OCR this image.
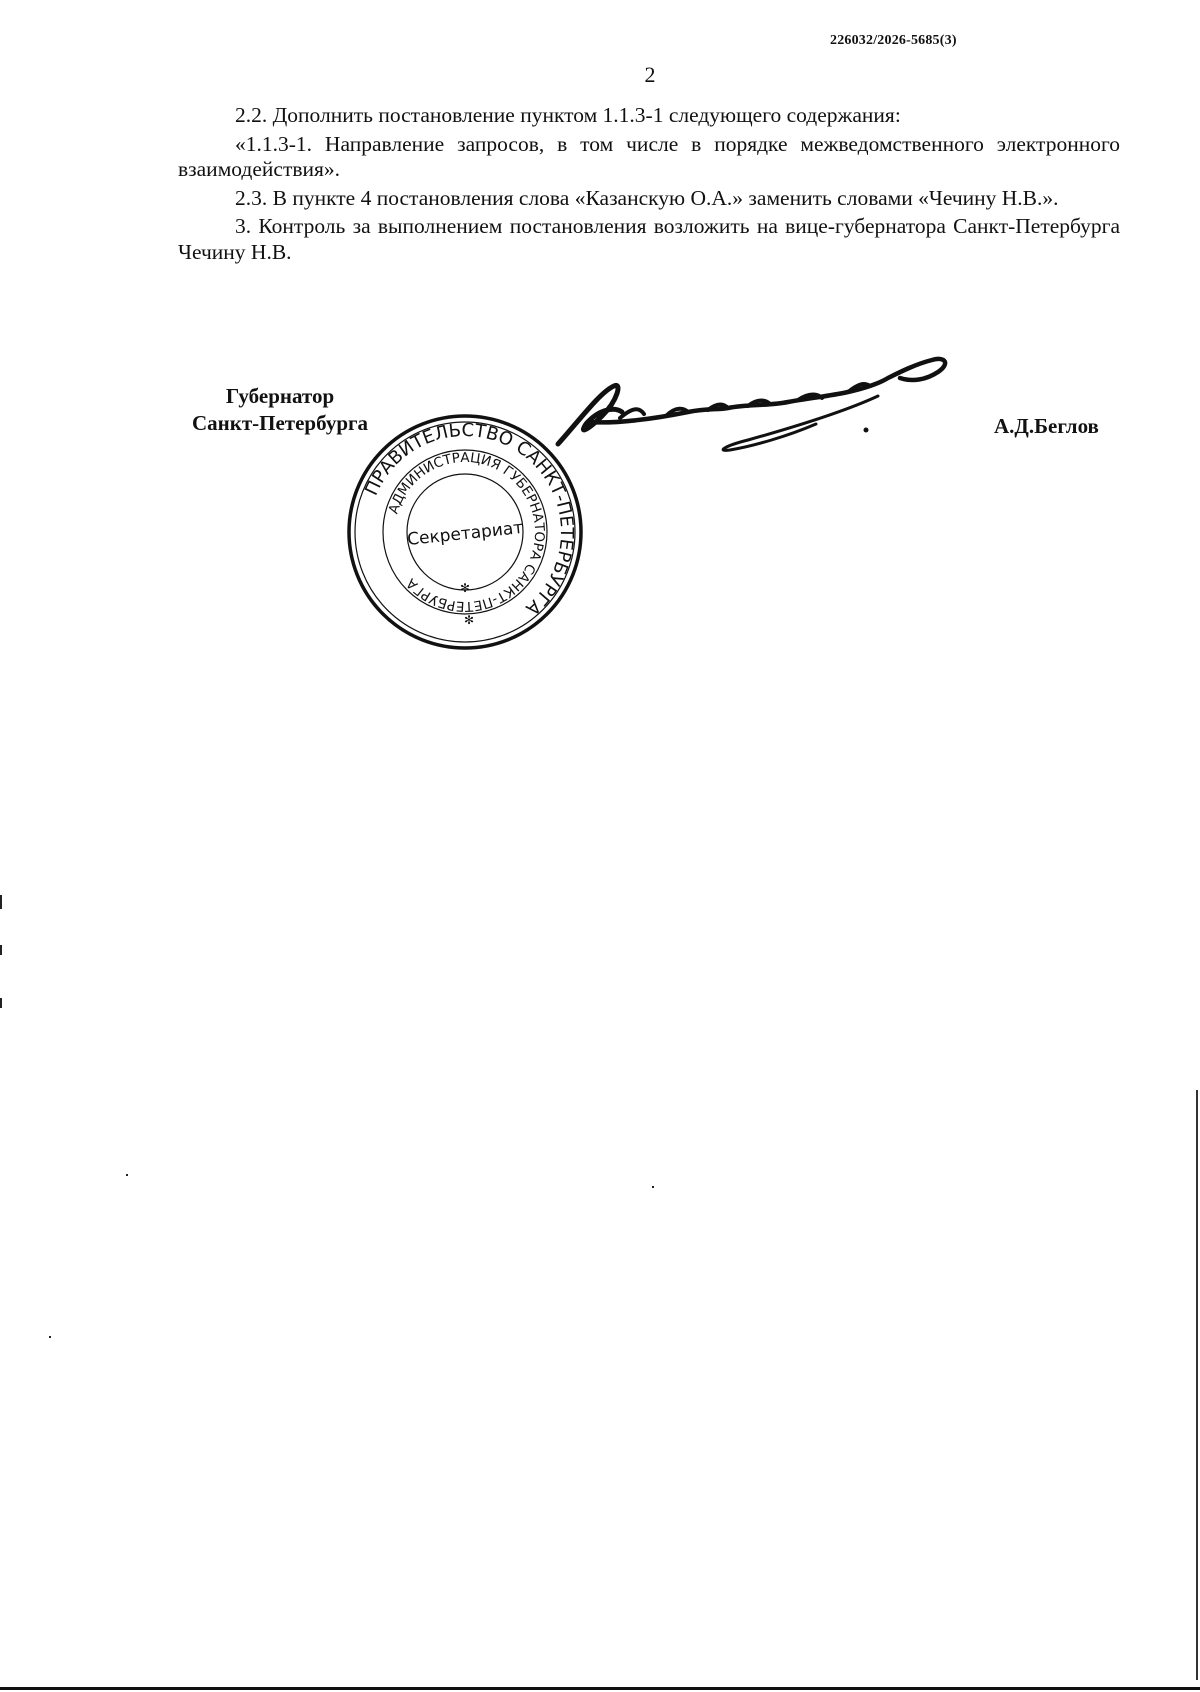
226032/2026-5685(3)
2

2.2. Дополнить постановление пунктом 1.1.3-1 следующего содержания:

«1.1.3-1. Направление запросов, в том числе в порядке межведомственного электронного взаимодействия».

2.3. В пункте 4 постановления слова «Казанскую О.А.» заменить словами «Чечину Н.В.».

3. Контроль за выполнением постановления возложить на вице-губернатора Санкт-Петербурга Чечину Н.В.

Губернатор
Санкт-Петербурга	А.Д.Беглов
ПРАВИТЕЛЬСТВО САНКТ-ПЕТЕРБУРГА
АДМИНИСТРАЦИЯ ГУБЕРНАТОРА САНКТ-ПЕТЕРБУРГА
Секретариат
✻
✻
